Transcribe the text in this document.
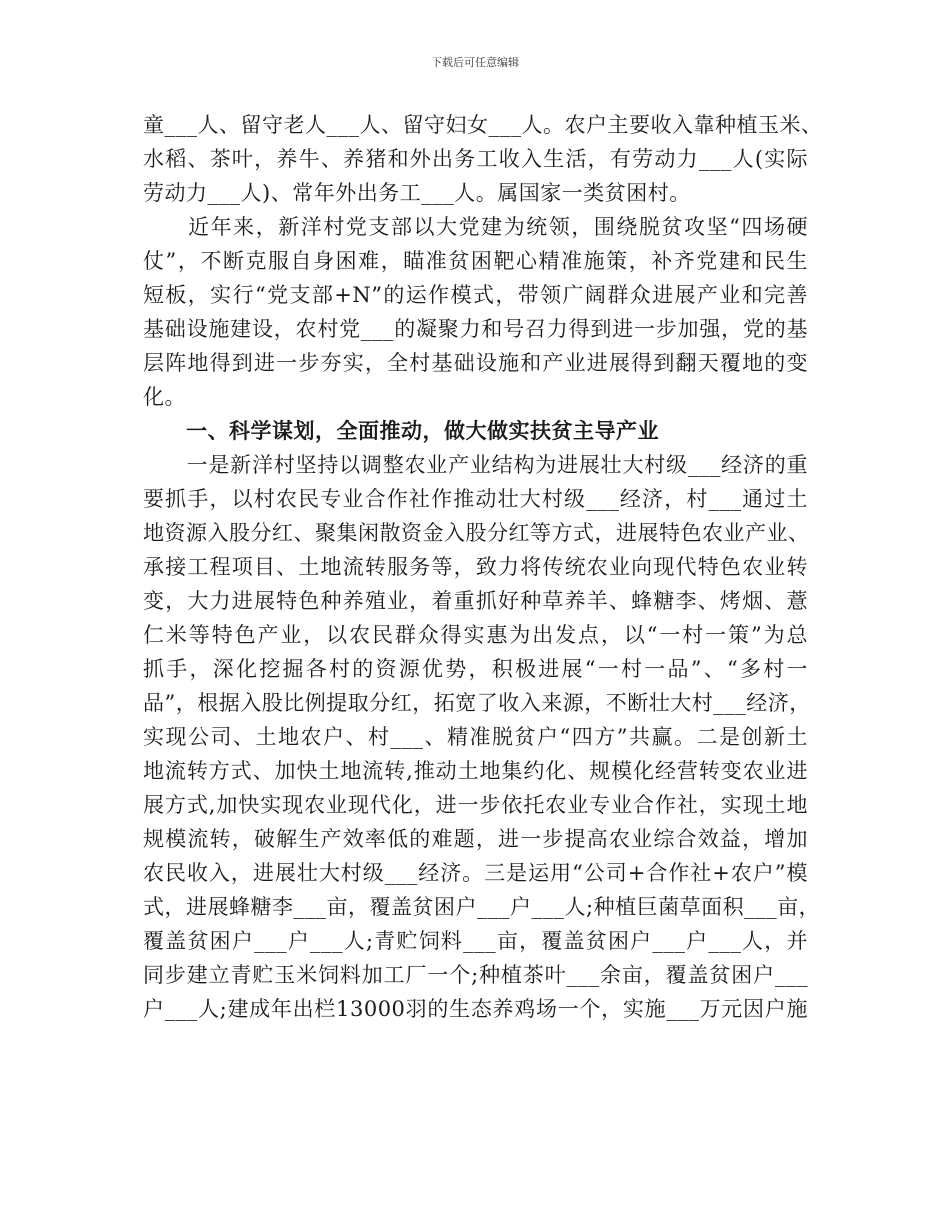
下载后可任意编辑
童___人、留守老人___人、留守妇女___人。农户主要收入靠种植玉米、
水稻、茶叶，养牛、养猪和外出务工收入生活，有劳动力___人(实际
劳动力___人)、常年外出务工___人。属国家一类贫困村。
　　近年来，新洋村党支部以大党建为统领，围绕脱贫攻坚“四场硬
仗”，不断克服自身困难，瞄准贫困靶心精准施策，补齐党建和民生
短板，实行“党支部+N”的运作模式，带领广阔群众进展产业和完善
基础设施建设，农村党___的凝聚力和号召力得到进一步加强，党的基
层阵地得到进一步夯实，全村基础设施和产业进展得到翻天覆地的变
化。
　　一、科学谋划，全面推动，做大做实扶贫主导产业
　　一是新洋村坚持以调整农业产业结构为进展壮大村级___经济的重
要抓手，以村农民专业合作社作推动壮大村级___经济，村___通过土
地资源入股分红、聚集闲散资金入股分红等方式，进展特色农业产业、
承接工程项目、土地流转服务等，致力将传统农业向现代特色农业转
变，大力进展特色种养殖业，着重抓好种草养羊、蜂糖李、烤烟、薏
仁米等特色产业，以农民群众得实惠为出发点，以“一村一策”为总
抓手，深化挖掘各村的资源优势，积极进展“一村一品”、“多村一
品”，根据入股比例提取分红，拓宽了收入来源，不断壮大村___经济，
实现公司、土地农户、村___、精准脱贫户“四方”共赢。二是创新土
地流转方式、加快土地流转,推动土地集约化、规模化经营转变农业进
展方式,加快实现农业现代化，进一步依托农业专业合作社，实现土地
规模流转，破解生产效率低的难题，进一步提高农业综合效益，增加
农民收入，进展壮大村级___经济。三是运用“公司+合作社+农户”模
式，进展蜂糖李___亩，覆盖贫困户___户___人;种植巨菌草面积___亩，
覆盖贫困户___户___人;青贮饲料___亩，覆盖贫困户___户___人，并
同步建立青贮玉米饲料加工厂一个;种植茶叶___余亩，覆盖贫困户___
户___人;建成年出栏13000羽的生态养鸡场一个，实施___万元因户施
